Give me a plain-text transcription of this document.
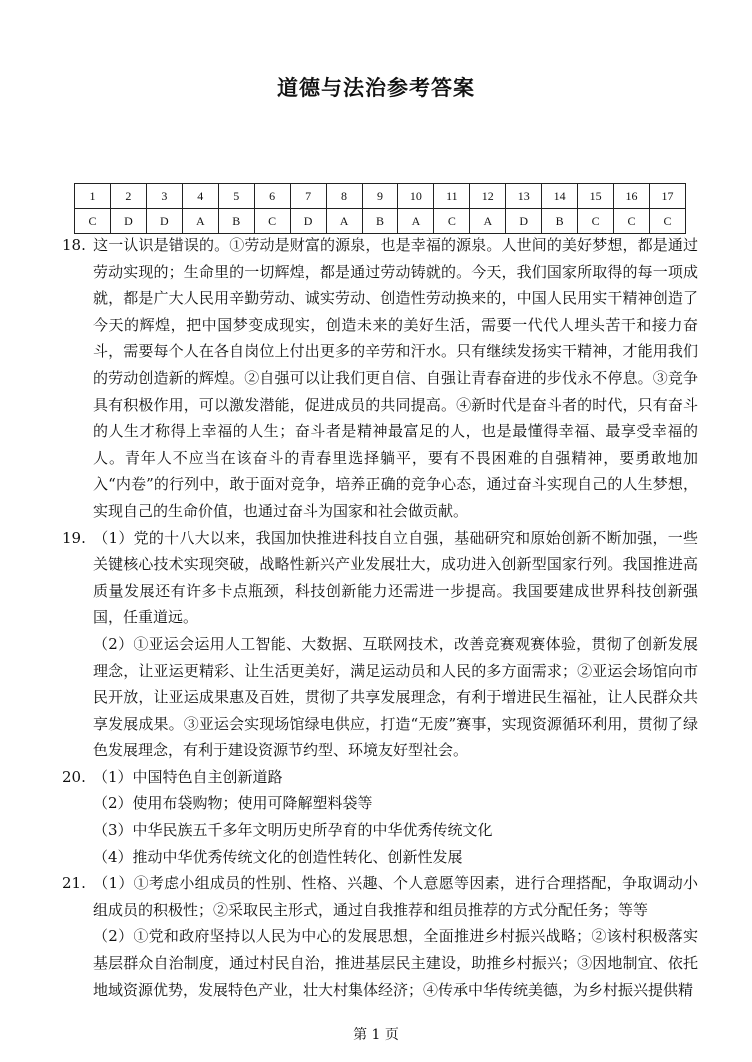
道德与法治参考答案
1	2	3	4	5	6	7	8	9	10	11	12	13	14	15	16	17
C	D	D	A	B	C	D	A	B	A	C	A	D	B	C	C	C

18. 这一认识是错误的。①劳动是财富的源泉，也是幸福的源泉。人世间的美好梦想，都是通过劳动实现的；生命里的一切辉煌，都是通过劳动铸就的。今天，我们国家所取得的每一项成就，都是广大人民用辛勤劳动、诚实劳动、创造性劳动换来的，中国人民用实干精神创造了今天的辉煌，把中国梦变成现实，创造未来的美好生活，需要一代代人埋头苦干和接力奋斗，需要每个人在各自岗位上付出更多的辛劳和汗水。只有继续发扬实干精神，才能用我们的劳动创造新的辉煌。②自强可以让我们更自信、自强让青春奋进的步伐永不停息。③竞争具有积极作用，可以激发潜能，促进成员的共同提高。④新时代是奋斗者的时代，只有奋斗的人生才称得上幸福的人生；奋斗者是精神最富足的人，也是最懂得幸福、最享受幸福的人。青年人不应当在该奋斗的青春里选择躺平，要有不畏困难的自强精神，要勇敢地加入“内卷”的行列中，敢于面对竞争，培养正确的竞争心态，通过奋斗实现自己的人生梦想，实现自己的生命价值，也通过奋斗为国家和社会做贡献。

19. （1）党的十八大以来，我国加快推进科技自立自强，基础研究和原始创新不断加强，一些关键核心技术实现突破，战略性新兴产业发展壮大，成功进入创新型国家行列。我国推进高质量发展还有许多卡点瓶颈，科技创新能力还需进一步提高。我国要建成世界科技创新强国，任重道远。

（2）①亚运会运用人工智能、大数据、互联网技术，改善竞赛观赛体验，贯彻了创新发展理念，让亚运更精彩、让生活更美好，满足运动员和人民的多方面需求；②亚运会场馆向市民开放，让亚运成果惠及百姓，贯彻了共享发展理念，有利于增进民生福祉，让人民群众共享发展成果。③亚运会实现场馆绿电供应，打造“无废”赛事，实现资源循环利用，贯彻了绿色发展理念，有利于建设资源节约型、环境友好型社会。

20. （1）中国特色自主创新道路

（2）使用布袋购物；使用可降解塑料袋等

（3）中华民族五千多年文明历史所孕育的中华优秀传统文化

（4）推动中华优秀传统文化的创造性转化、创新性发展

21. （1）①考虑小组成员的性别、性格、兴趣、个人意愿等因素，进行合理搭配，争取调动小组成员的积极性；②采取民主形式，通过自我推荐和组员推荐的方式分配任务；等等

（2）①党和政府坚持以人民为中心的发展思想，全面推进乡村振兴战略；②该村积极落实基层群众自治制度，通过村民自治，推进基层民主建设，助推乡村振兴；③因地制宜、依托地域资源优势，发展特色产业，壮大村集体经济；④传承中华传统美德，为乡村振兴提供精

第 1 页
